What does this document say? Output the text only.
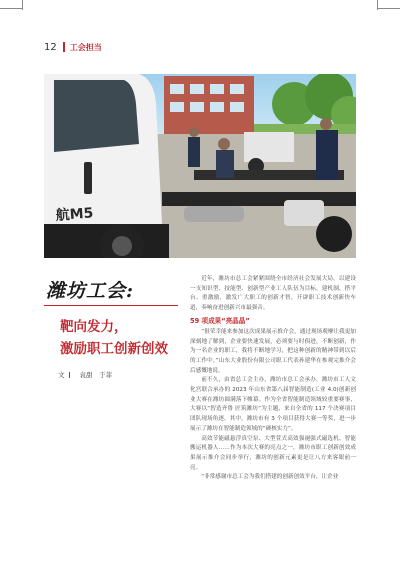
12 工会担当
航M5
潍坊工会:
靶向发力，
激励职工创新创效
文 袁甜　于菲

近年，潍坊市总工会紧紧围绕全市经济社会发展大局，以建设一支知识型、技能型、创新型产业工人队伍为目标，建机制、搭平台、重激励，激发广大职工的创新才智，开辟职工技术创新快车道，奏响奋进创新兴市最强音。

59 项成果“亮晶晶”

“很荣幸能来参加这次成果展示推介会，通过现场观摩让我更加深刻地了解到，企业要快速发展，必须要与时俱进，不断创新，作为一名企业的职工，我将不断地学习，把这种创新的精神带到以后的工作中。”山东大业股份有限公司职工代表孙建华在参观完推介会后感慨地说。

前不久，由省总工会主办，潍坊市总工会承办，潍坊市工人文化宫联合承办的 2023 年山东省第八届智能制造(工业 4.0)创新创业大赛在潍坊圆满落下帷幕。作为全省智能制造领域较重要赛事，大赛以“智造齐鲁 匠筑潍坊”为主题，来自全省的 117 个决赛项目团队现场角逐，其中，潍坊市有 3 个项目获得大赛一等奖，进一步展示了潍坊在智能制造领域的“硬核实力”。

高效节能磁悬浮真空泵、大型萱式高效强褪强式磁选机、智能搬运机器人……作为本次大赛的亮点之一，潍坊市职工创新创效成果展示推介会同步举行，潍坊的创新元素更是让八方来客眼前一亮。

“非常感谢市总工会为我们搭建的创新创效平台，让企业
